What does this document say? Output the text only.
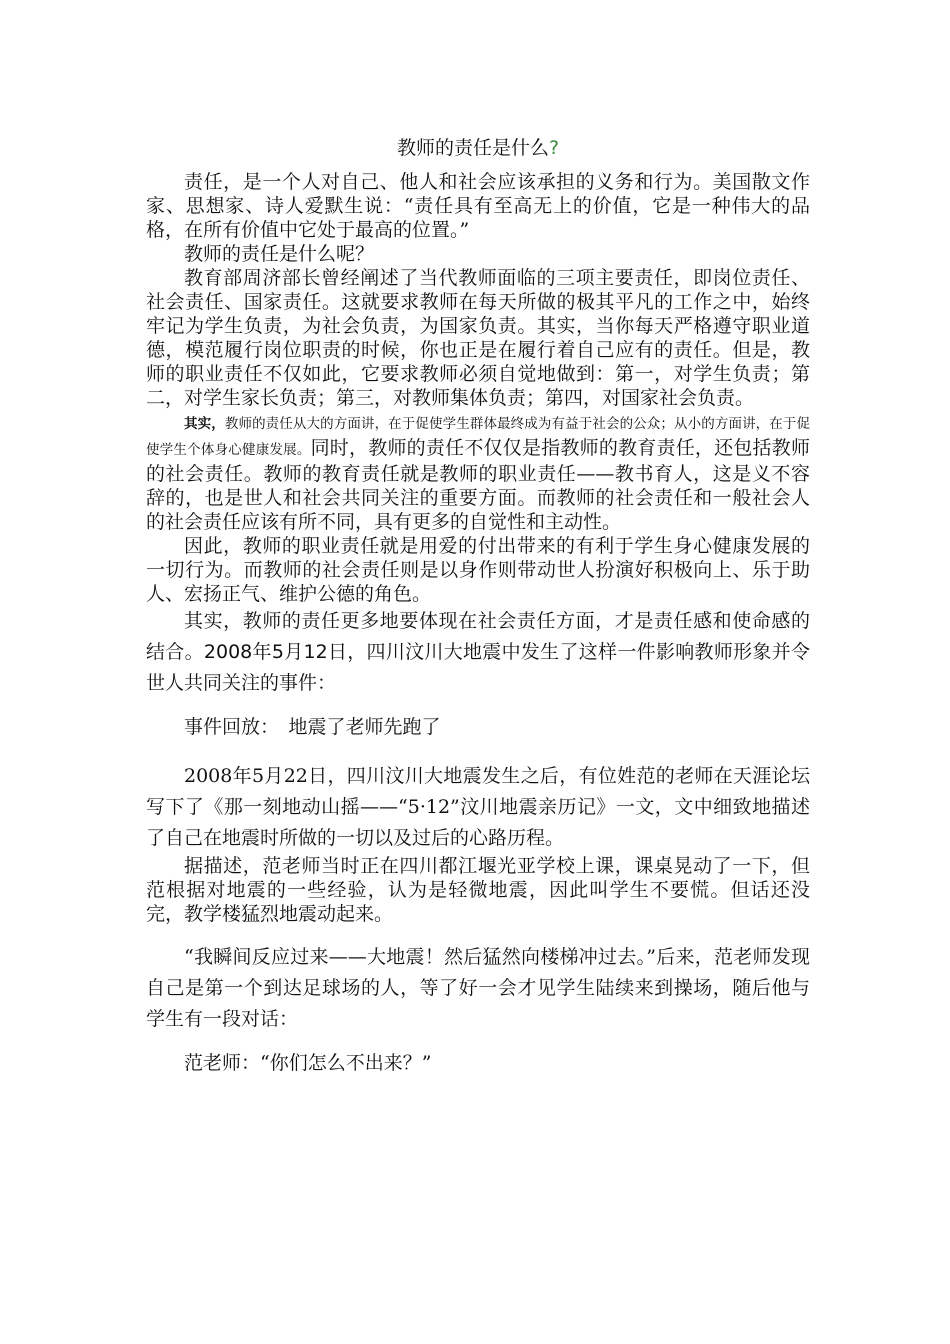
教师的责任是什么?

责任，是一个人对自己、他人和社会应该承担的义务和行为。美国散文作家、思想家、诗人爱默生说：“责任具有至高无上的价值，它是一种伟大的品格，在所有价值中它处于最高的位置。”

教师的责任是什么呢？

教育部周济部长曾经阐述了当代教师面临的三项主要责任，即岗位责任、社会责任、国家责任。这就要求教师在每天所做的极其平凡的工作之中，始终牢记为学生负责，为社会负责，为国家负责。其实，当你每天严格遵守职业道德，模范履行岗位职责的时候，你也正是在履行着自己应有的责任。但是，教师的职业责任不仅如此，它要求教师必须自觉地做到：第一，对学生负责；第二，对学生家长负责；第三，对教师集体负责；第四，对国家社会负责。

其实，教师的责任从大的方面讲，在于促使学生群体最终成为有益于社会的公众；从小的方面讲，在于促使学生个体身心健康发展。同时，教师的责任不仅仅是指教师的教育责任，还包括教师的社会责任。教师的教育责任就是教师的职业责任——教书育人，这是义不容辞的，也是世人和社会共同关注的重要方面。而教师的社会责任和一般社会人的社会责任应该有所不同，具有更多的自觉性和主动性。

因此，教师的职业责任就是用爱的付出带来的有利于学生身心健康发展的一切行为。而教师的社会责任则是以身作则带动世人扮演好积极向上、乐于助人、宏扬正气、维护公德的角色。

其实，教师的责任更多地要体现在社会责任方面，才是责任感和使命感的结合。2008年5月12日，四川汶川大地震中发生了这样一件影响教师形象并令世人共同关注的事件：

事件回放：　地震了老师先跑了

2008年5月22日，四川汶川大地震发生之后，有位姓范的老师在天涯论坛写下了《那一刻地动山摇——“5·12”汶川地震亲历记》一文，文中细致地描述了自己在地震时所做的一切以及过后的心路历程。

据描述，范老师当时正在四川都江堰光亚学校上课，课桌晃动了一下，但范根据对地震的一些经验，认为是轻微地震，因此叫学生不要慌。但话还没完，教学楼猛烈地震动起来。

“我瞬间反应过来——大地震！然后猛然向楼梯冲过去。”后来，范老师发现自己是第一个到达足球场的人，等了好一会才见学生陆续来到操场，随后他与学生有一段对话：

范老师：“你们怎么不出来？”
